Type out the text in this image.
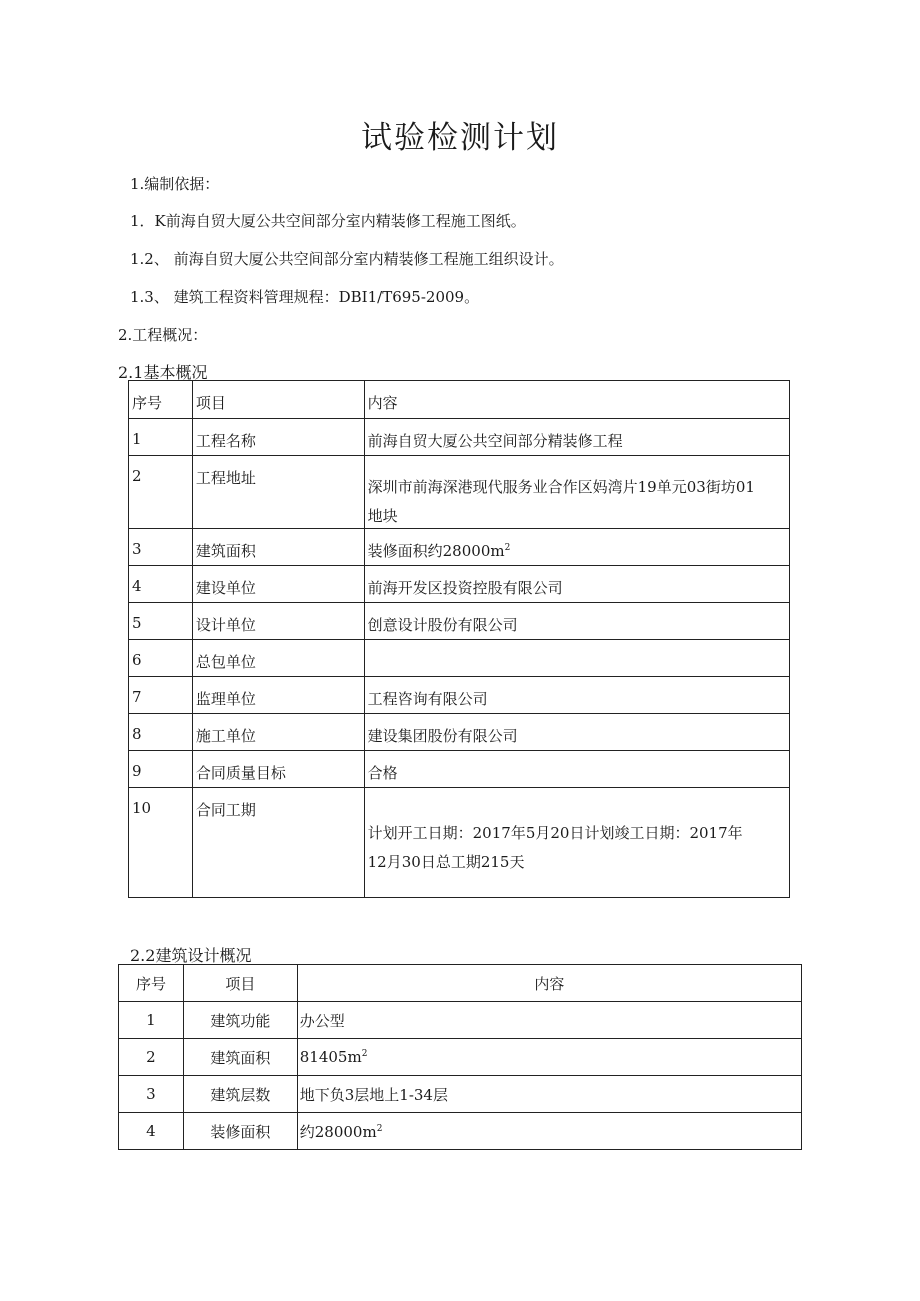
试验检测计划
1.编制依据：
1．K前海自贸大厦公共空间部分室内精装修工程施工图纸。
1.2、 前海自贸大厦公共空间部分室内精装修工程施工组织设计。
1.3、 建筑工程资料管理规程：DBI1/T695-2009。
2.工程概况：
2.1基本概况
序号	项目	内容
1	工程名称	前海自贸大厦公共空间部分精装修工程
2	工程地址	深圳市前海深港现代服务业合作区妈湾片19单元03街坊01
地块

3	建筑面积	装修面积约$28000m^2$
4	建设单位	前海开发区投资控股有限公司
5	设计单位	创意设计股份有限公司
6	总包单位	
7	监理单位	工程咨询有限公司
8	施工单位	建设集团股份有限公司
9	合同质量目标	合格
10	合同工期	计划开工日期：2017年5月20日计划竣工日期：2017年
12月30日总工期215天
2.2建筑设计概况
序号	项目	内容
1	建筑功能	办公型
2	建筑面积	$81405m^2$
3	建筑层数	地下负3层地上1-34层
4	装修面积	约$28000m^2$
